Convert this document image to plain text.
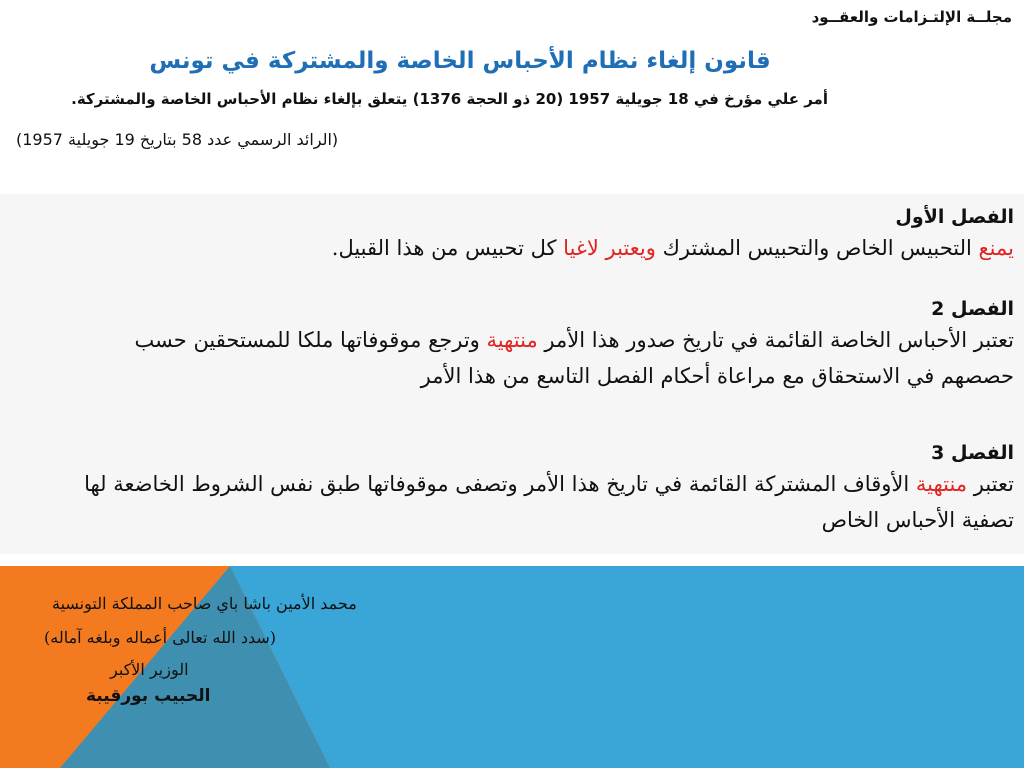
مجلــة الإلتـزامات والعقــود
قانون إلغاء نظام الأحباس الخاصة والمشتركة في تونس
أمر علي مؤرخ في 18 جويلية 1957 (20 ذو الحجة 1376) يتعلق بإلغاء نظام الأحباس الخاصة والمشتركة.
(الرائد الرسمي عدد 58 بتاريخ 19 جويلية 1957)
الفصل الأول
يمنع التحبيس الخاص والتحبيس المشترك ويعتبر لاغيا كل تحبيس من هذا القبيل.
الفصل 2
تعتبر الأحباس الخاصة القائمة في تاريخ صدور هذا الأمر منتهية وترجع موقوفاتها ملكا للمستحقين حسب حصصهم في الاستحقاق مع مراعاة أحكام الفصل التاسع من هذا الأمر
الفصل 3
تعتبر منتهية الأوقاف المشتركة القائمة في تاريخ هذا الأمر وتصفى موقوفاتها طبق نفس الشروط الخاضعة لها تصفية الأحباس الخاص
محمد الأمين باشا باي صاحب المملكة التونسية
(سدد الله تعالى أعماله وبلغه آماله)
الوزير الأكبر
الحبيب بورقيبة
